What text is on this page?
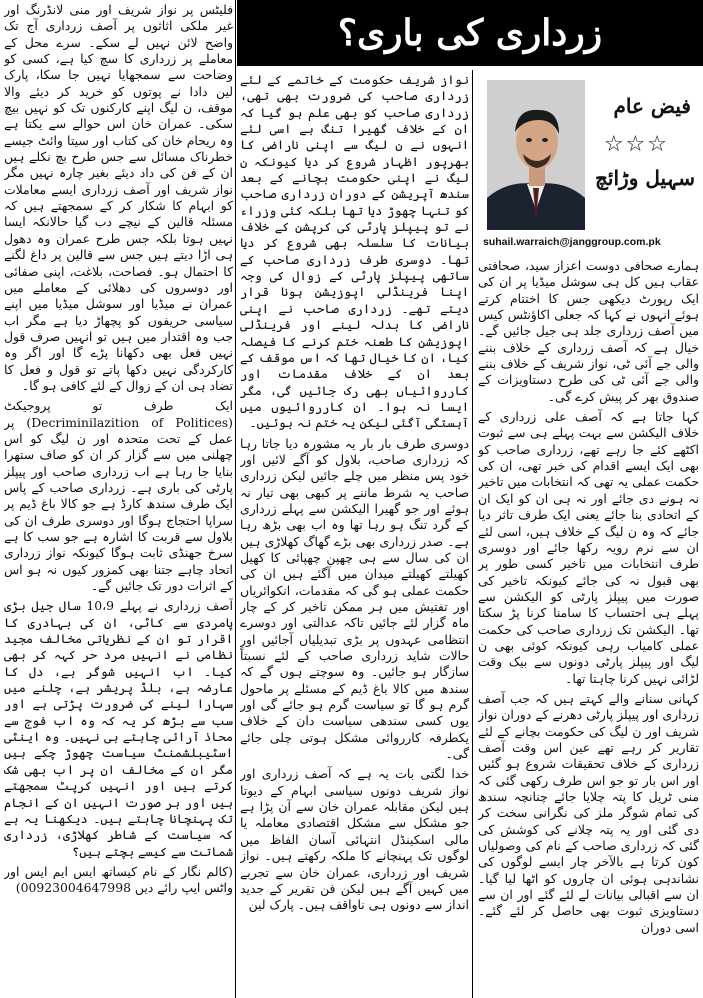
زرداری کی باری؟
فیض عام
☆☆☆
سہیل وڑائچ
suhail.warraich@janggroup.com.pk

ہمارے صحافی دوست اعزاز سید، صحافتی عقاب ہیں کل ہی سوشل میڈیا پر ان کی ایک رپورٹ دیکھی جس کا اختتام کرتے ہوئے انہوں نے کہا کہ جعلی اکاؤنٹس کیس میں آصف زرداری جلد ہی جیل جائیں گے۔ خیال ہے کہ آصف زرداری کے خلاف بننے والی جے آئی ٹی، نواز شریف کے خلاف بننے والی جے آئی ٹی کی طرح دستاویزات کے صندوق بھر کر پیش کرے گی۔

کہا جاتا ہے کہ آصف علی زرداری کے خلاف الیکشن سے بہت پہلے ہی سے ثبوت اکٹھے کئے جا رہے تھے، زرداری صاحب کو بھی ایک ایسے اقدام کی خبر تھی، ان کی حکمت عملی یہ تھی کہ انتخابات میں تاخیر نہ ہونے دی جائے اور نہ ہی ان کو ایک ان کے اتحادی بنا جائے یعنی ایک طرف تاثر دیا جائے کہ وہ ن لیگ کے خلاف ہیں، اسی لئے ان سے نرم رویہ رکھا جائے اور دوسری طرف انتخابات میں تاخیر کسی طور پر بھی قبول نہ کی جائے کیونکہ تاخیر کی صورت میں پیپلز پارٹی کو الیکشن سے پہلے ہی احتساب کا سامنا کرنا پڑ سکتا تھا۔ الیکشن تک زرداری صاحب کی حکمت عملی کامیاب رہی کیونکہ کوئی بھی ن لیگ اور پیپلز پارٹی دونوں سے بیک وقت لڑائی نہیں کرنا چاہتا تھا۔

کہانی سنانے والے کہتے ہیں کہ جب آصف زرداری اور پیپلز پارٹی دھرنے کے دوران نواز شریف اور ن لیگ کی حکومت بچانے کے لئے تقاریر کر رہے تھے عین اس وقت آصف زرداری کے خلاف تحقیقات شروع ہو گئیں اور اس بار تو جو اس طرف رکھی گئی کہ منی ٹریل کا پتہ چلایا جائے چنانچہ سندھ کی تمام شوگر ملز کی نگرانی سخت کر دی گئی اور یہ پتہ چلانے کی کوشش کی گئی کہ زرداری صاحب کے نام کی وصولیاں کون کرتا ہے بالآخر چار ایسے لوگوں کی نشاندہی ہوئی ان چاروں کو اٹھا لیا گیا۔ ان سے اقبالی بیانات لے لئے گئے اور ان سے دستاویزی ثبوت بھی حاصل کر لئے گئے۔ اسی دوران

نواز شریف حکومت کے خاتمے کے لئے زرداری صاحب کی ضرورت بھی تھی، زرداری صاحب کو بھی علم ہو گیا کہ ان کے خلاف گھیرا تنگ ہے اسی لئے انہوں نے ن لیگ سے اپنی ناراضی کا بھرپور اظہار شروع کر دیا کیونکہ ن لیگ نے اپنی حکومت بچانے کے بعد سندھ آپریشن کے دوران زرداری صاحب کو تنہا چھوڑ دیا تھا بلکہ کئی وزراء نے تو پیپلز پارٹی کی کرپشن کے خلاف بیانات کا سلسلہ بھی شروع کر دیا تھا۔ دوسری طرف زرداری صاحب کے ساتھی پیپلز پارٹی کے زوال کی وجہ اپنا فرینڈلی اپوزیشن ہونا قرار دیتے تھے۔ زرداری صاحب نے اپنی ناراضی کا بدلہ لینے اور فرینڈلی اپوزیشن کا طعنہ ختم کرنے کا فیصلہ کیا، ان کا خیال تھا کہ اس موقف کے بعد ان کے خلاف مقدمات اور کارروائیاں بھی رک جائیں گی، مگر ایسا نہ ہوا۔ ان کارروائیوں میں آہستگی آگئی لیکن یہ ختم نہ ہوئیں۔

دوسری طرف بار بار یہ مشورہ دیا جاتا رہا کہ زرداری صاحب، بلاول کو آگے لائیں اور خود پس منظر میں چلے جائیں لیکن زرداری صاحب یہ شرط ماننے پر کبھی بھی تیار نہ ہوئے اور جو گھیرا الیکشن سے پہلے زرداری کے گرد تنگ ہو رہا تھا وہ اب بھی بڑھ رہا ہے۔ صدر زرداری بھی بڑے گھاگ کھلاڑی ہیں ان کی سال سے ہی چھپن چھپائی کا کھیل کھیلتے کھیلتے میدان میں آگئے ہیں ان کی حکمت عملی ہو گی کہ مقدمات، انکوائریاں اور تفتیش میں ہر ممکن تاخیر کر کے چار ماہ گزار لئے جائیں تاکہ عدالتی اور دوسرے انتظامی عہدوں پر بڑی تبدیلیاں آجائیں اور حالات شاید زرداری صاحب کے لئے نسبتاً سازگار ہو جائیں۔ وہ سوچتے ہوں گے کہ سندھ میں کالا باغ ڈیم کے مسئلے پر ماحول گرم ہو گا تو سیاست گرم ہو جائے گی اور یوں کسی سندھی سیاست دان کے خلاف یکطرفہ کارروائی مشکل ہوتی چلی جائے گی۔

خدا لگتی بات یہ ہے کہ آصف زرداری اور نواز شریف دونوں سیاسی ابہام کے دیوتا ہیں لیکن مقابلہ عمران خان سے آن پڑا ہے جو مشکل سے مشکل اقتصادی معاملہ یا مالی اسکینڈل انتہائی آسان الفاظ میں لوگوں تک پہنچانے کا ملکہ رکھتے ہیں۔ نواز شریف اور زرداری، عمران خان سے تجربے میں کہیں آگے ہیں لیکن فن تقریر کے جدید انداز سے دونوں ہی ناواقف ہیں۔ پارک لین

فلیٹس پر نواز شریف اور منی لانڈرنگ اور غیر ملکی اثاثوں پر آصف زرداری آج تک واضح لائن نہیں لے سکے۔ سرے محل کے معاملے پر زرداری کا سچ کیا ہے، کسی کو وضاحت سے سمجھایا نہیں جا سکا، پارک لین دادا نے پوتوں کو خرید کر دیئے والا موقف، ن لیگ اپنے کارکنوں تک کو نہیں بیچ سکی۔ عمران خان اس حوالے سے یکتا ہے وہ ریحام خان کی کتاب اور سیتا وائٹ جیسے خطرناک مسائل سے جس طرح بچ نکلے ہیں ان کے فن کی داد دیئے بغیر چارہ نہیں مگر نواز شریف اور آصف زرداری ایسے معاملات کو ابہام کا شکار کر کے سمجھتے ہیں کہ مسئلہ قالین کے نیچے دب گیا حالانکہ ایسا نہیں ہوتا بلکہ جس طرح عمران وہ دھول ہی اڑا دیتے ہیں جس سے قالین پر داغ لگنے کا احتمال ہو۔ فصاحت، بلاغت، اپنی صفائی اور دوسروں کی دھلائی کے معاملے میں عمران نے میڈیا اور سوشل میڈیا میں اپنے سیاسی حریفوں کو پچھاڑ دیا ہے مگر اب جب وہ اقتدار میں ہیں تو انہیں صرف قول نہیں فعل بھی دکھانا پڑے گا اور اگر وہ کارکردگی نہیں دکھا پاتے تو قول و فعل کا تضاد ہی ان کے زوال کے لئے کافی ہو گا۔

ایک طرف تو پروجیکٹ (Decriminilazition of Politices) پر عمل کے تحت متحدہ اور ن لیگ کو اس چھلنی میں سے گزار کر ان کو صاف ستھرا بنایا جا رہا ہے اب زرداری صاحب اور پیپلز پارٹی کی باری ہے۔ زرداری صاحب کے پاس ایک طرف سندھ کارڈ ہے جو کالا باغ ڈیم پر سراپا احتجاج ہوگا اور دوسری طرف ان کی بلاول سے قربت کا اشارہ ہے جو سب کا ہے سرخ جھنڈی ثابت ہوگا کیونکہ نواز زرداری اتحاد چاہے جتنا بھی کمزور کیوں نہ ہو اس کے اثرات دور تک جائیں گے۔

آصف زرداری نے پہلے 10،9 سال جیل بڑی پامردی سے کاٹی، ان کی بہادری کا اقرار تو ان کے نظریاتی مخالف مجید نظامی نے انہیں مرد حر کہہ کر بھی کیا۔ اب انہیں شوگر ہے، دل کا عارضہ ہے، بلڈ پریشر ہے، چلنے میں سہارا لینے کی ضرورت پڑتی ہے اور سب سے بڑھ کر یہ کہ وہ اب فوج سے محاذ آرائی چاہتے ہی نہیں۔ وہ اینٹی اسٹیبلشمنٹ سیاست چھوڑ چکے ہیں مگر ان کے مخالف ان پر اب بھی شک کرتے ہیں اور انہیں کرپٹ سمجھتے ہیں اور ہر صورت انہیں ان کے انجام تک پہنچانا چاہتے ہیں۔ دیکھنا یہ ہے کہ سیاست کے شاطر کھلاڑی، زرداری شماتت سے کیسے بچتے ہیں؟

(کالم نگار کے نام کیساتھ ایس ایم ایس اور واٹس ایپ رائے دیں 00923004647998)
